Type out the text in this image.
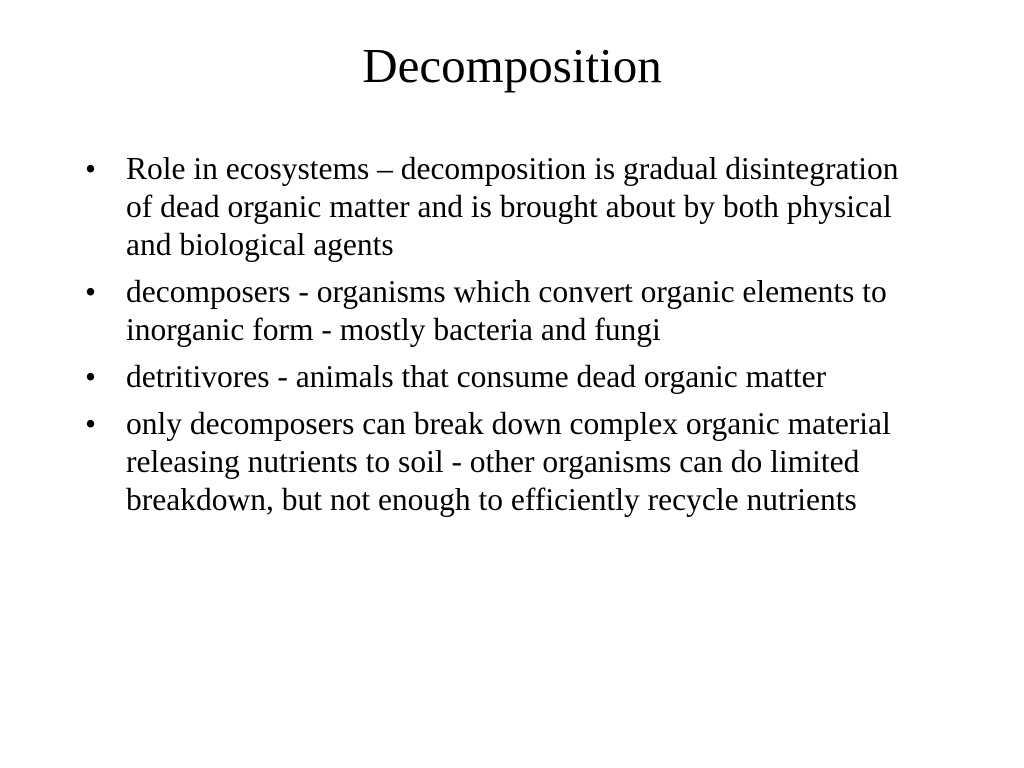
Decomposition
• Role in ecosystems – decomposition is gradual disintegration of dead organic matter and is brought about by both physical and biological agents
• decomposers - organisms which convert organic elements to inorganic form - mostly bacteria and fungi
• detritivores - animals that consume dead organic matter
• only decomposers can break down complex organic material releasing nutrients to soil - other organisms can do limited breakdown, but not enough to efficiently recycle nutrients
